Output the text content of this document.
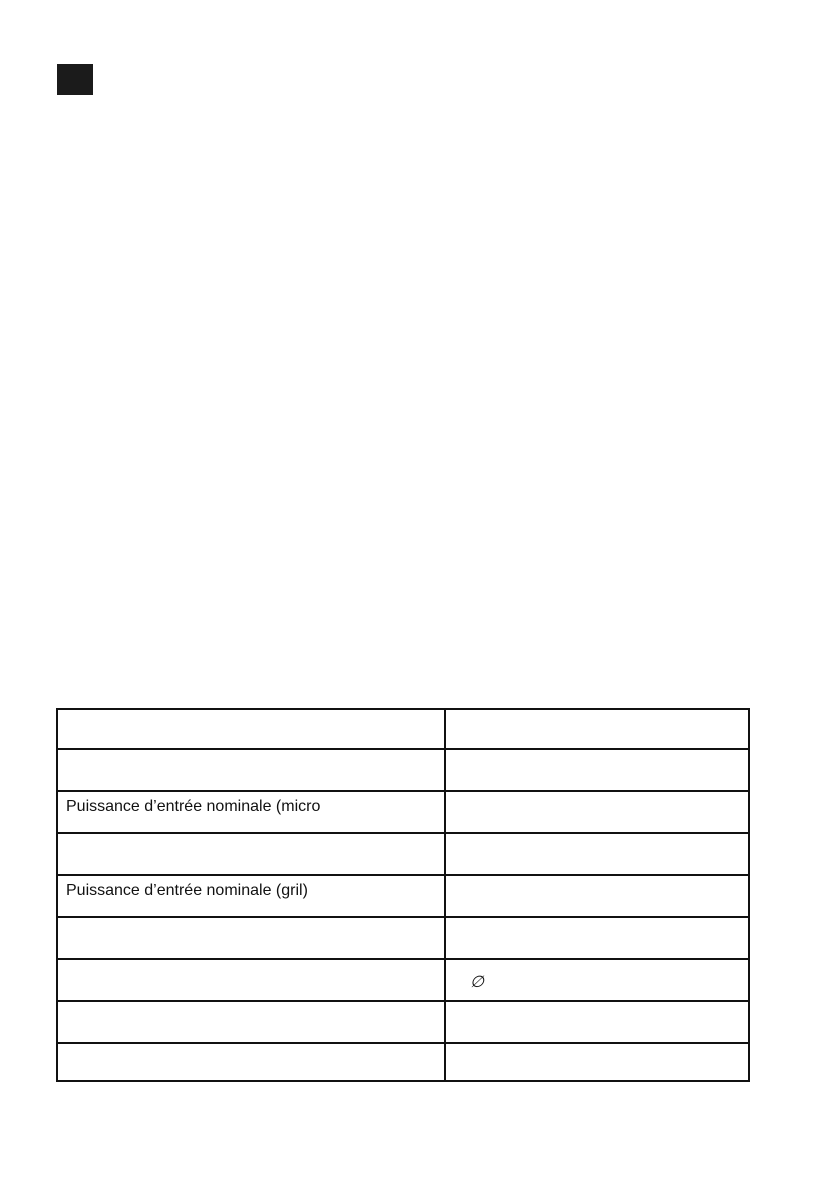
Puissance d’entrée nominale (micro	

Puissance d’entrée nominale (gril)	

	∅
